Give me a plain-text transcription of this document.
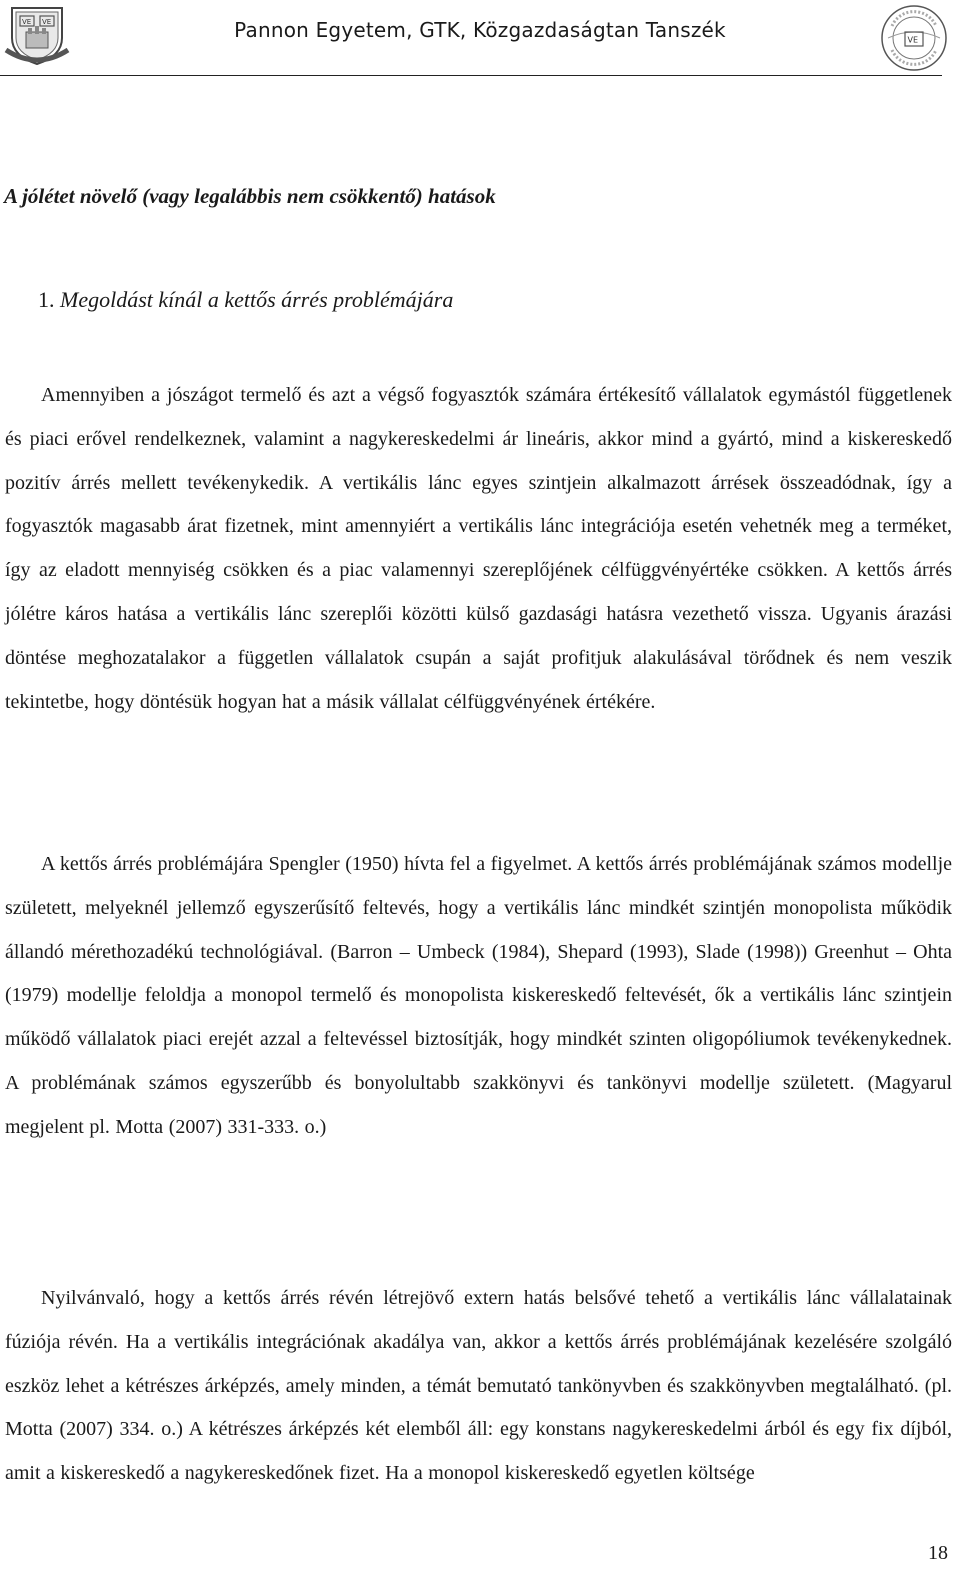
VE VE	Pannon Egyetem, GTK, Közgazdaságtan Tanszék	VE
A jólétet növelő (vagy legalábbis nem csökkentő) hatások
1. Megoldást kínál a kettős árrés problémájára

Amennyiben a jószágot termelő és azt a végső fogyasztók számára értékesítő vállalatok egymástól függetlenek és piaci erővel rendelkeznek, valamint a nagykereskedelmi ár lineáris, akkor mind a gyártó, mind a kiskereskedő pozitív árrés mellett tevékenykedik. A vertikális lánc egyes szintjein alkalmazott árrések összeadódnak, így a fogyasztók magasabb árat fizetnek, mint amennyiért a vertikális lánc integrációja esetén vehetnék meg a terméket, így az eladott mennyiség csökken és a piac valamennyi szereplőjének célfüggvényértéke csökken. A kettős árrés jólétre káros hatása a vertikális lánc szereplői közötti külső gazdasági hatásra vezethető vissza. Ugyanis árazási döntése meghozatalakor a független vállalatok csupán a saját profitjuk alakulásával törődnek és nem veszik tekintetbe, hogy döntésük hogyan hat a másik vállalat célfüggvényének értékére.

A kettős árrés problémájára Spengler (1950) hívta fel a figyelmet. A kettős árrés problémájának számos modellje született, melyeknél jellemző egyszerűsítő feltevés, hogy a vertikális lánc mindkét szintjén monopolista működik állandó mérethozadékú technológiával. (Barron – Umbeck (1984), Shepard (1993), Slade (1998)) Greenhut – Ohta (1979) modellje feloldja a monopol termelő és monopolista kiskereskedő feltevését, ők a vertikális lánc szintjein működő vállalatok piaci erejét azzal a feltevéssel biztosítják, hogy mindkét szinten oligopóliumok tevékenykednek. A problémának számos egyszerűbb és bonyolultabb szakkönyvi és tankönyvi modellje született. (Magyarul megjelent pl. Motta (2007) 331-333. o.)

Nyilvánvaló, hogy a kettős árrés révén létrejövő extern hatás belsővé tehető a vertikális lánc vállalatainak fúziója révén. Ha a vertikális integrációnak akadálya van, akkor a kettős árrés problémájának kezelésére szolgáló eszköz lehet a kétrészes árképzés, amely minden, a témát bemutató tankönyvben és szakkönyvben megtalálható. (pl. Motta (2007) 334. o.) A kétrészes árképzés két elemből áll: egy konstans nagykereskedelmi árból és egy fix díjból, amit a kiskereskedő a nagykereskedőnek fizet. Ha a monopol kiskereskedő egyetlen költsége

18
